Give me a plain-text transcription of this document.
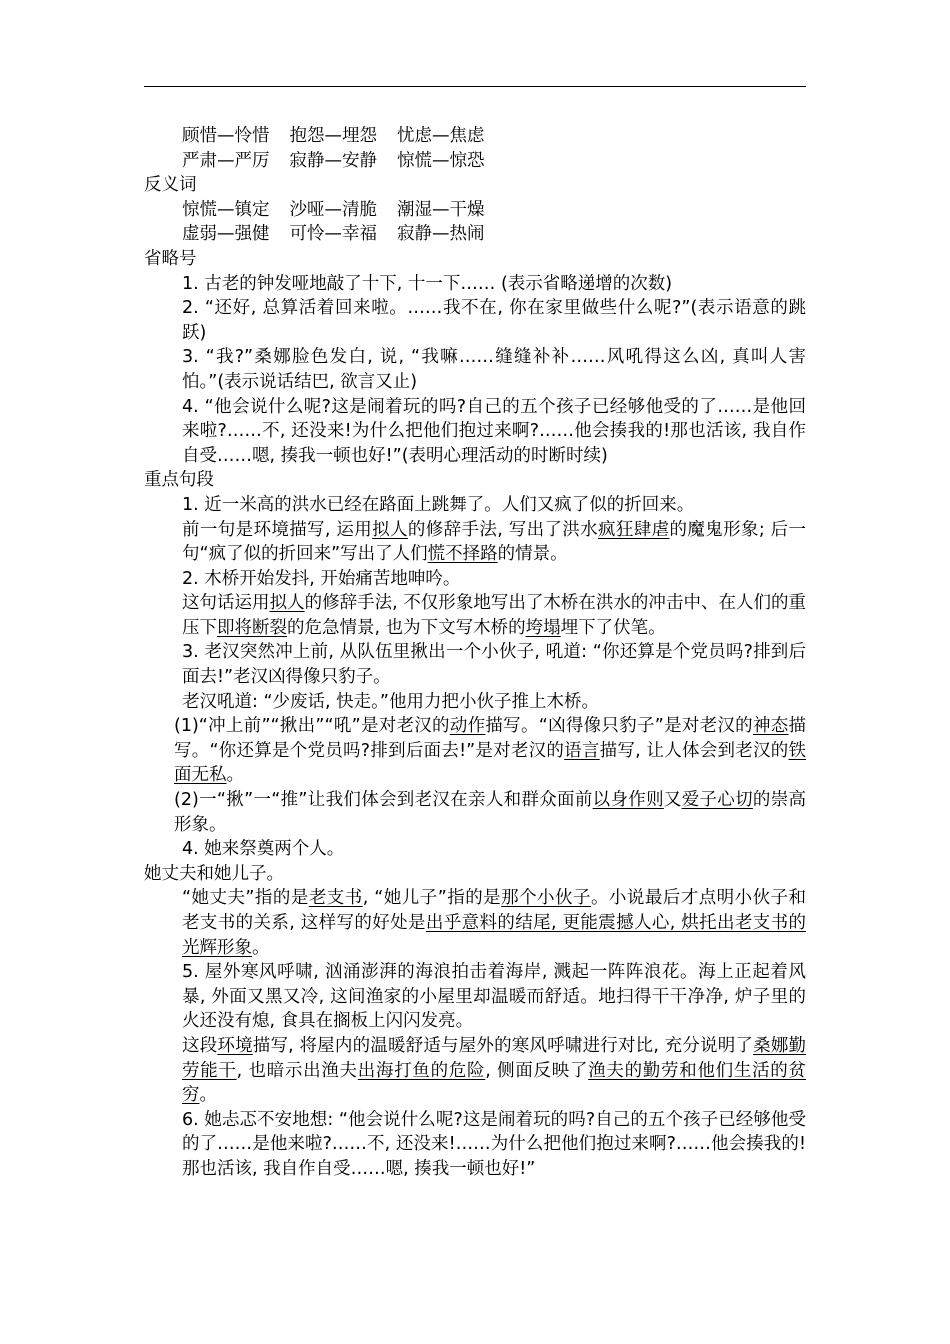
顾惜—怜惜 抱怨—埋怨 忧虑—焦虑

严肃—严厉 寂静—安静 惊慌—惊恐

反义词

惊慌—镇定 沙哑—清脆 潮湿—干燥

虚弱—强健 可怜—幸福 寂静—热闹

省略号

1. 古老的钟发哑地敲了十下, 十一下…… (表示省略递增的次数)

2. “还好, 总算活着回来啦。……我不在, 你在家里做些什么呢?”(表示语意的跳跃)

3. “我?”桑娜脸色发白, 说, “我嘛……缝缝补补……风吼得这么凶, 真叫人害怕。”(表示说话结巴, 欲言又止)

4. “他会说什么呢?这是闹着玩的吗?自己的五个孩子已经够他受的了……是他回来啦?……不, 还没来!为什么把他们抱过来啊?……他会揍我的!那也活该, 我自作自受……嗯, 揍我一顿也好!”(表明心理活动的时断时续)

重点句段

1. 近一米高的洪水已经在路面上跳舞了。人们又疯了似的折回来。

前一句是环境描写, 运用拟人的修辞手法, 写出了洪水疯狂肆虐的魔鬼形象; 后一句“疯了似的折回来”写出了人们慌不择路的情景。

2. 木桥开始发抖, 开始痛苦地呻吟。

这句话运用拟人的修辞手法, 不仅形象地写出了木桥在洪水的冲击中、在人们的重压下即将断裂的危急情景, 也为下文写木桥的垮塌埋下了伏笔。

3. 老汉突然冲上前, 从队伍里揪出一个小伙子, 吼道: “你还算是个党员吗?排到后面去!”老汉凶得像只豹子。

老汉吼道: “少废话, 快走。”他用力把小伙子推上木桥。

(1)“冲上前”“揪出”“吼”是对老汉的动作描写。“凶得像只豹子”是对老汉的神态描写。“你还算是个党员吗?排到后面去!”是对老汉的语言描写, 让人体会到老汉的铁面无私。

(2)一“揪”一“推”让我们体会到老汉在亲人和群众面前以身作则又爱子心切的崇高形象。

4. 她来祭奠两个人。

她丈夫和她儿子。

“她丈夫”指的是老支书, “她儿子”指的是那个小伙子。小说最后才点明小伙子和老支书的关系, 这样写的好处是出乎意料的结尾, 更能震撼人心, 烘托出老支书的光辉形象。

5. 屋外寒风呼啸, 汹涌澎湃的海浪拍击着海岸, 溅起一阵阵浪花。海上正起着风暴, 外面又黑又冷, 这间渔家的小屋里却温暖而舒适。地扫得干干净净, 炉子里的火还没有熄, 食具在搁板上闪闪发亮。

这段环境描写, 将屋内的温暖舒适与屋外的寒风呼啸进行对比, 充分说明了桑娜勤劳能干, 也暗示出渔夫出海打鱼的危险, 侧面反映了渔夫的勤劳和他们生活的贫穷。

6. 她忐忑不安地想: “他会说什么呢?这是闹着玩的吗?自己的五个孩子已经够他受的了……是他来啦?……不, 还没来!……为什么把他们抱过来啊?……他会揍我的!那也活该, 我自作自受……嗯, 揍我一顿也好!”
